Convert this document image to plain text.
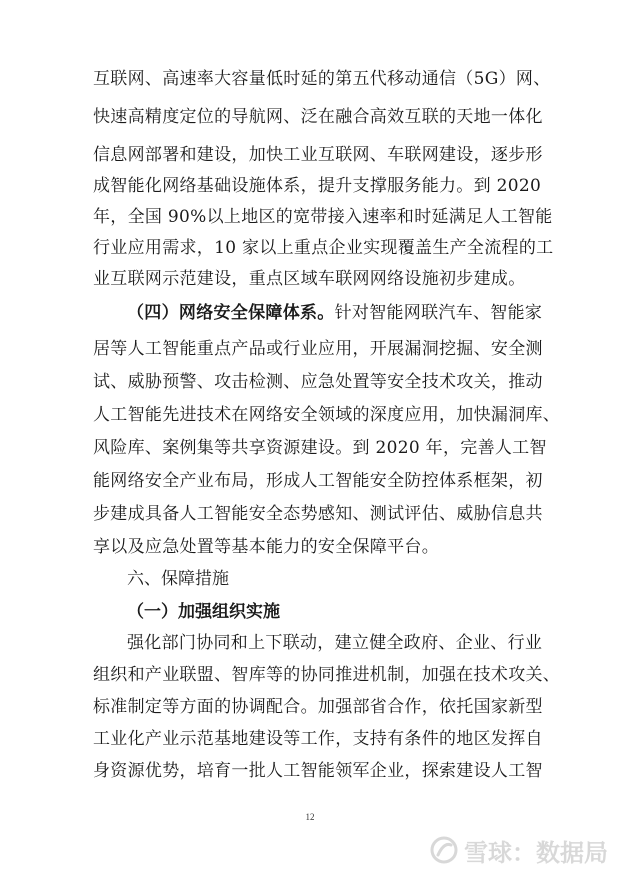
互联网、高速率大容量低时延的第五代移动通信（5G）网、
快速高精度定位的导航网、泛在融合高效互联的天地一体化
信息网部署和建设，加快工业互联网、车联网建设，逐步形
成智能化网络基础设施体系，提升支撑服务能力。到 2020
年，全国 90%以上地区的宽带接入速率和时延满足人工智能
行业应用需求，10 家以上重点企业实现覆盖生产全流程的工
业互联网示范建设，重点区域车联网网络设施初步建成。
（四）网络安全保障体系。针对智能网联汽车、智能家
居等人工智能重点产品或行业应用，开展漏洞挖掘、安全测
试、威胁预警、攻击检测、应急处置等安全技术攻关，推动
人工智能先进技术在网络安全领域的深度应用，加快漏洞库、
风险库、案例集等共享资源建设。到 2020 年，完善人工智
能网络安全产业布局，形成人工智能安全防控体系框架，初
步建成具备人工智能安全态势感知、测试评估、威胁信息共
享以及应急处置等基本能力的安全保障平台。
六、保障措施
（一）加强组织实施
强化部门协同和上下联动，建立健全政府、企业、行业
组织和产业联盟、智库等的协同推进机制，加强在技术攻关、
标准制定等方面的协调配合。加强部省合作，依托国家新型
工业化产业示范基地建设等工作，支持有条件的地区发挥自
身资源优势，培育一批人工智能领军企业，探索建设人工智
12
雪球：数据局
